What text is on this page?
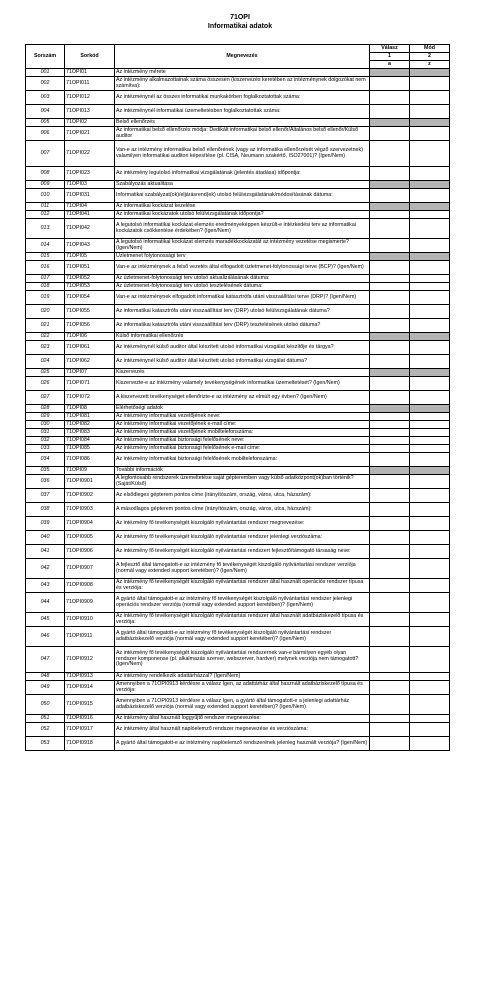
71OPI
Informatikai adatok
Sorszám	Sorkód	Megnevezés	Válasz	Mód
			1	2
			a	z
001	71OPI01	Az intézmény mérete		
002	71OPI011	Az intézmény alkalmazottainak száma összesen (kiszervezés keretében az intézménynek dolgozókat nem számítva):		
003	71OPI012	Az intézménynél az összes informatikai munkakörben foglalkoztatottak száma:		
004	71OPI013	Az intézménynél informatikai üzemeltetésben foglalkoztatottak száma:		
005	71OPI02	Belső ellenőrzés		
006	71OPI021	Az informatikai belső ellenőrzés módja: Dedikált informatikai belső ellenőr/Általános belső ellenőr/Külső auditor		
007	71OPI022	Van-e az intézmény informatikai belső ellenőrének (vagy az informatika ellenőrzését végző szervezetnek) valamilyen informatikai auditori képesítése (pl. CISA, Neumann szakértő, ISO27001)? (Igen/Nem)		
008	71OPI023	Az intézmény legutolsó informatikai vizsgálatának (jelentés átadása) időpontja:		
009	71OPI03	Szabályozás aktualitása		
010	71OPI031	Informatikai szabályzat(ok)/eljárásrend(ek) utolsó felülvizsgálatának/módosításának dátuma:		
011	71OPI04	Az informatikai kockázat kezelése		
012	71OPI041	Az informatikai kockázatok utolsó felülvizsgálatának időpontja?		
013	71OPI042	A legutolsó informatikai kockázat elemzés eredményeképpen készült-e intézkedési terv az informatikai kockázatok csökkentése érdekében? (Igen/Nem)		
014	71OPI043	A legutolsó informatikai kockázat elemzés maradékkockázatát az intézmény vezetése megismerte? (Igen/Nem)		
015	71OPI05	Üzletmenet folytonossági terv		
016	71OPI051	Van-e az intézménynek a felső vezetés által elfogadott üzletmenet-folytonossági terve (BCP)? (Igen/Nem)		
017	71OPI052	Az üzletmenet-folytonossági terv utolsó aktualizálásának dátuma:		
018	71OPI053	Az üzletmenet-folytonossági terv utolsó tesztelésének dátuma:		
019	71OPI054	Van-e az intézménynek elfogadott informatikai katasztrófa utáni visszaállítási terve (DRP)? (Igen/Nem)		
020	71OPI055	Az informatikai katasztrófa utáni visszaállítási terv (DRP) utolsó felülvizsgálatának dátuma?		
021	71OPI056	Az informatikai katasztrófa utáni visszaállítási terv (DRP) tesztelésének utolsó dátuma?		
022	71OPI06	Külső informatikai ellenőrzés		
023	71OPI061	Az intézménynél külső auditor által készített utolsó informatikai vizsgálat készítője és tárgya?		
024	71OPI062	Az intézménynél külső auditor által készített utolsó informatikai vizsgálat dátuma?		
025	71OPI07	Kiszervezés		
026	71OPI071	Kiszervezte-e az intézmény valamely tevékenységének informatikai üzemeltetését? (Igen/Nem)		
027	71OPI072	A kiszervezett tevékenységet ellenőrizte-e az intézmény az elmúlt egy évben? (Igen/Nem)		
028	71OPI08	Elérhetőségi adatok		
029	71OPI081	Az intézmény informatikai vezetőjének neve:		
030	71OPI082	Az intézmény informatikai vezetőjének e-mail címe:		
031	71OPI083	Az intézmény informatikai vezetőjének mobiltelefonszáma:		
032	71OPI084	Az intézmény informatikai biztonsági felelősének neve:		
033	71OPI085	Az intézmény informatikai biztonsági felelősének e-mail címe:		
034	71OPI086	Az intézmény informatikai biztonsági felelősének mobiltelefonszáma:		
035	71OPI09	További információk		
036	71OPI0901	A legfontosabb rendszerek üzemeltetése saját gépteremben vagy külső adatközpont(ok)ban történik? (Saját/Külső)		
037	71OPI0902	Az elsődleges gépterem pontos címe (irányítószám, ország, város, utca, házszám):		
038	71OPI0903	A másodlagos gépterem pontos címe (irányítószám, ország, város, utca, házszám):		
039	71OPI0904	Az intézmény fő tevékenységét kiszolgáló nyilvántartási rendszer megnevezése:		
040	71OPI0905	Az intézmény fő tevékenységét kiszolgáló nyilvántartási rendszer jelenlegi verziószáma:		
041	71OPI0906	Az intézmény fő tevékenységét kiszolgáló nyilvántartási rendszert fejlesztő/támogató társaság neve:		
042	71OPI0907	A fejlesztő által támogatott-e az intézmény fő tevékenységét kiszolgáló nyilvántartási rendszer verziója (normál vagy extended support keretében)? (Igen/Nem)		
043	71OPI0908	Az intézmény fő tevékenységét kiszolgáló nyilvántartási rendszer által használt operációs rendszer típusa és verziója:		
044	71OPI0909	A gyártó által támogatott-e az intézmény fő tevékenységét kiszolgáló nyilvántartási rendszer jelenlegi operációs rendszer verziója (normál vagy extended support keretében)? (Igen/Nem)		
045	71OPI0910	Az intézmény fő tevékenységét kiszolgáló nyilvántartási rendszer által használt adatbáziskezelő típusa és verziója:		
046	71OPI0911	A gyártó által támogatott-e az intézmény fő tevékenységét kiszolgáló nyilvántartási rendszer adatbáziskezelő verziója (normál vagy extended support keretében)? (Igen/Nem)		
047	71OPI0912	Az intézmény fő tevékenységét kiszolgáló nyilvántartási rendszernek van-e bármilyen egyéb olyan rendszer komponense (pl. alkalmazás szerver, webszerver, hardver) melynek verziója nem támogatott? (Igen/Nem)		
048	71OPI0913	Az intézmény rendelkezik adattárházzal? (Igen/Nem)		
049	71OPI0914	Amennyiben a 71OPI0913 kérdésre a válasz Igen, az adattárház által használt adatbáziskezelő típusa és verziója:		
050	71OPI0915	Amennyiben a 71OPI0913 kérdésre a válasz Igen, a gyártó által támogatott-e a jelenlegi adattárház adatbáziskezelő verziója (normál vagy extended support keretében)? (Igen/Nem)		
051	71OPI0916	Az intézmény által használt loggyűjtő rendszer megnevezése:		
052	71OPI0917	Az intézmény által használt naplóelemző rendszer megnevezése és verziószáma:		
053	71OPI0918	A gyártó által támogatott-e az intézmény naplóelemző rendszerének jelenleg használt verziója? (Igen/Nem)		
